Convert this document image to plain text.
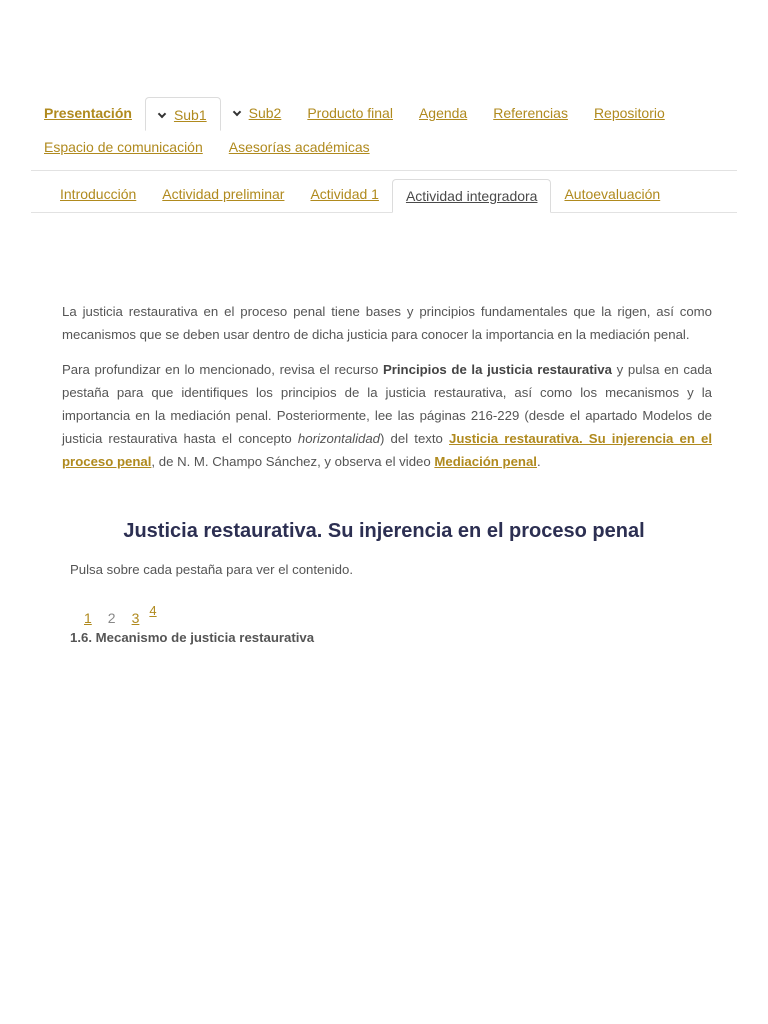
Presentación	Sub1	Sub2	Producto final	Agenda	Referencias	Repositorio
Espacio de comunicación	Asesorías académicas
Introducción	Actividad preliminar	Actividad 1	Actividad integradora	Autoevaluación

La justicia restaurativa en el proceso penal tiene bases y principios fundamentales que la rigen, así como mecanismos que se deben usar dentro de dicha justicia para conocer la importancia en la mediación penal.

Para profundizar en lo mencionado, revisa el recurso Principios de la justicia restaurativa y pulsa en cada pestaña para que identifiques los principios de la justicia restaurativa, así como los mecanismos y la importancia en la mediación penal. Posteriormente, lee las páginas 216-229 (desde el apartado Modelos de justicia restaurativa hasta el concepto horizontalidad) del texto Justicia restaurativa. Su injerencia en el proceso penal, de N. M. Champo Sánchez, y observa el video Mediación penal.

Justicia restaurativa. Su injerencia en el proceso penal
Pulsa sobre cada pestaña para ver el contenido.
1	2	3 4
1.6. Mecanismo de justicia restaurativa
